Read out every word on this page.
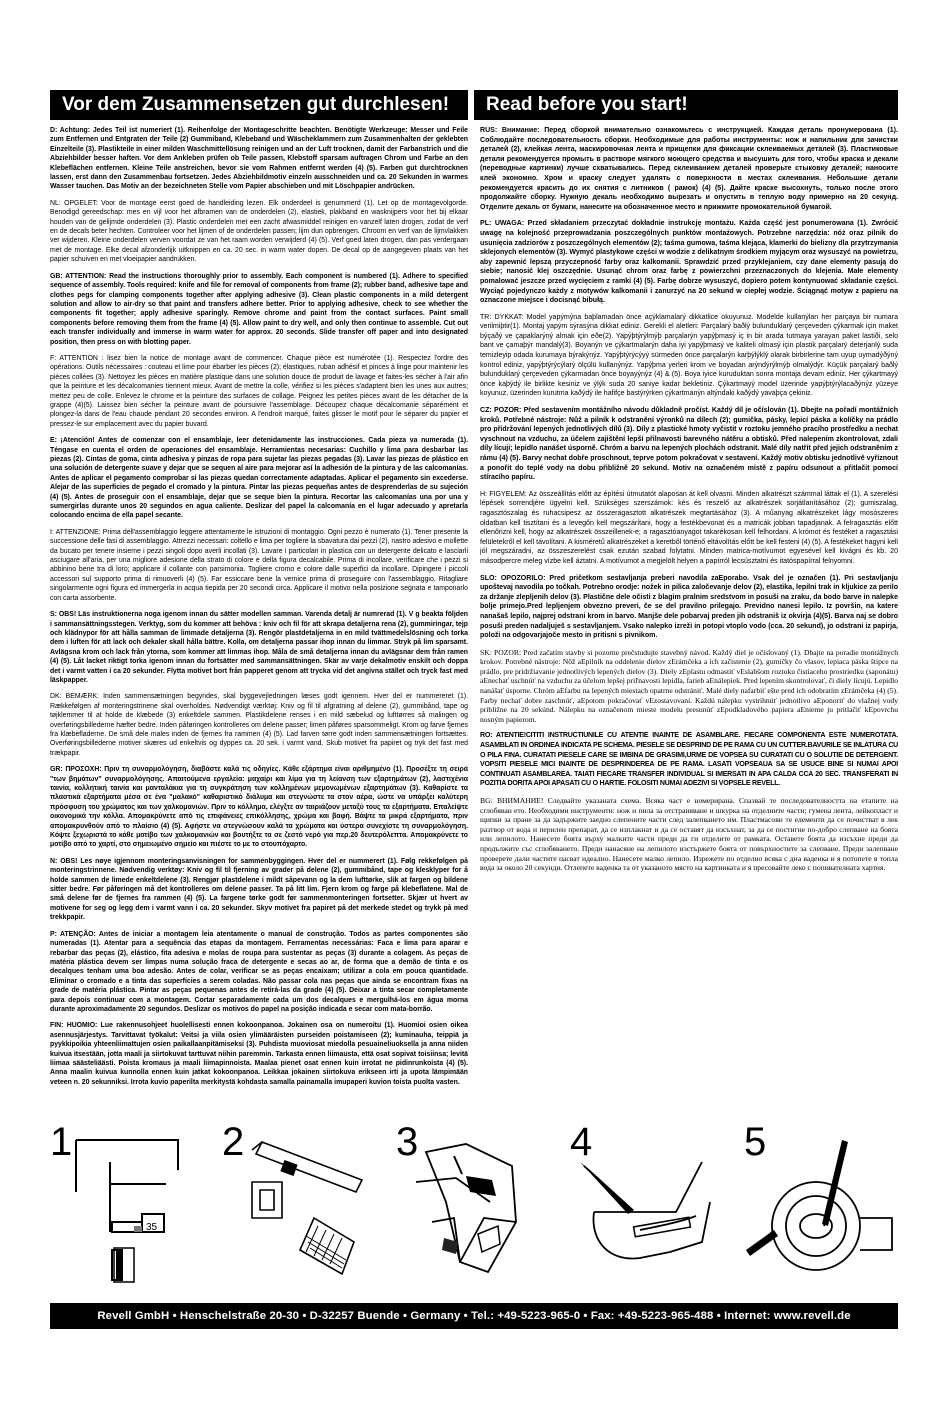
Vor dem Zusammensetzen gut durchlesen!	Read before you start!

D: Achtung: Jedes Teil ist numeriert (1). Reihenfolge der Montageschritte beachten. Benötigte Werkzeuge: Messer und Feile zum Entfernen und Entgraten der Teile (2) Gummiband, Klebeband und Wäscheklammern zum Zusammenhalten der geklebten Einzelteile (3). Plastikteile in einer milden Waschmittellösung reinigen und an der Luft trocknen, damit der Farbanstrich und die Abziehbilder besser haften. Vor dem Ankleben prüfen ob Teile passen, Klebstoff sparsam auftragen Chrom und Farbe an den Klebeflächen entfernen. Kleine Teile anstreichen, bevor sie vom Rahmen entfernt werden (4) (5). Farben gut durchtrocknen lassen, erst dann den Zusammenbau fortsetzen. Jedes Abziehbildmotiv einzeln ausschneiden und ca. 20 Sekunden in warmes Wasser tauchen. Das Motiv an der bezeichneten Stelle vom Papier abschieben und mit Löschpapier andrücken.

NL: OPGELET: Voor de montage eerst goed de handleiding lezen. Elk onderdeel is genummerd (1). Let op de montagevolgorde. Benodigd gereedschap: mes en vijl voor het afbramen van de onderdelen (2), elastiek, plakband en wasknijpers voor het bij elkaar houden van de gelijmde onderdelen (3). Plastic onderdelen met een zacht afwasmiddel reinigen en vanzelf laten drogen, zodat de verf en de decals beter hechten. Controleer voor het lijmen of de onderdelen passen; lijm dun opbrengen. Chroom en verf van de lijmvlakken ver wijderen. Kleine onderdelen verven voordat ze van het raam worden verwijderd (4) (5). Verf goed laten drogen, dan pas verdergaan met de montage. Elke decal afzonderlijk uitknippen en ca. 20 sec. in warm water dopen. De decal op de aangegeven plaats van het papier schuiven en met vloeipapier aandrukken.

GB: ATTENTION: Read the instructions thoroughly prior to assembly. Each component is numbered (1). Adhere to specified sequence of assembly. Tools required: knife and file for removal of components from frame (2); rubber band, adhesive tape and clothes pegs for clamping components together after applying adhesive (3). Clean plastic components in a mild detergent solution and allow to air-dry so that paint and transfers adhere better. Prior to applying adhesive, check to see whether the components fit together; apply adhesive sparingly. Remove chrome and paint from the contact surfaces. Paint small components before removing them from the frame (4) (5). Allow paint to dry well, and only then continue to assemble. Cut out each transfer individually and immerse in warm water for approx. 20 seconds. Slide transfer off paper and into designated position, then press on with blotting paper.

F: ATTENTION : lisez bien la notice de montage avant de commencer. Chaque pièce est numérotée (1). Respectez l'ordre des opérations. Outils nécessaires : couteau et lime pour ébarber les pièces (2); élastiques, ruban adhésif et pinces à linge pour maintenir les pièces collées (3). Nettoyez les pièces en matière plastique dans une solution douce de produit de lavage et faites-les sécher à l'air afin que la peinture et les décalcomanies tiennent mieux. Avant de mettre la colle, vérifiez si les pièces s'adaptent bien les unes aux autres; mettez peu de colle. Enlevez le chrome et la peinture des surfaces de collage. Peignez les petites pièces avant de les détacher de la grappe (4)(5). Laissez bien sécher la peinture avant de poursuivre l'assemblage. Découpez chaque décalcomanie séparément et plongez-la dans de l'eau chaude pendant 20 secondes environ. A l'endroit marqué, faites glisser le motif pour le séparer du papier et pressez-le sur emplacement avec du papier buvard.

E: ¡Atención! Antes de comenzar con el ensamblaje, leer detenidamente las instrucciones. Cada pieza va numerada (1). Téngase en cuenta el orden de operaciones del ensamblaje. Herramientas necesarias: Cuchillo y lima para desbarbar las piezas (2). Cintas de goma, cinta adhesiva y pinzas de ropa para sujetar las piezas pegadas (3). Lavar las piezas de plástico en una solución de detergente suave y dejar que se sequen al aire para mejorar así la adhesión de la pintura y de las calcomanías. Antes de aplicar el pegamento comprobar si las piezas quedan correctamente adaptadas. Aplicar el pegamento sin excederse. Alejar de las superficies de pegado el cromado y la pintura. Pintar las piezas pequeñas antes de desprenderlas de su sujeción (4) (5). Antes de proseguir con el ensamblaje, dejar que se seque bien la pintura. Recortar las calcomanías una por una y sumergirlas durante unos 20 segundos en agua caliente. Deslizar del papel la calcomanía en el lugar adecuado y apretarla colocando encima de ella papel secante.

I: ATTENZIONE: Prima dell'assemblaggio leggere attentamente le istruzioni di montaggio. Ogni pezzo è numerato (1). Tener presente la successione delle fasi di assemblaggio. Attrezzi necessari: coltello e lima per togliere la sbavatura dai pezzi (2), nastro adesivo e mollette da bucato per tenere insieme i pezzi singoli dopo averli incollati (3). Lavare i particolari in plastica con un detergente delicato e lasciarli asciugare all'aria, per una migliore adesione della strato di colore e della figura decalcabile. Prima di incollare, verificare che i pezzi si abbinino bene tra di loro; applicare il collante con parsimonia. Togliere cromo e colore dalle superfici da incollare. Dipingere i piccoli accessori sul supporto prima di rimuoverli (4) (5). Far essiccare bene la vernice prima di proseguire con l'assemblaggio. Ritagliare singolarmente ogni figura ed immergerla in acqua tiepida per 20 secondi circa. Applicare il motivo nella posizione segnata e tamponarlo con carta assorbente.

S: OBS! Läs instruktionerna noga igenom innan du sätter modellen samman. Varenda detalj är numrerad (1). V g beakta följden i sammansättningsstegen. Verktyg, som du kommer att behöva : kniv och fil för att skrapa detaljerna rena (2), gummiringar, tejp och klädnypor för att hålla samman de limmade detaljerna (3). Rengör plastdetaljerna in en mild tvättmedelslösning och torka dem i luften för att lack och dekaler skall hålla bättre. Kolla, om detaljerna passar ihop innan du limmar. Stryk på lim sparsamt. Avlägsna krom och lack från ytorna, som kommer att limmas ihop. Måla de små detaljerna innan du avlägsnar dem från ramen (4) (5). Låt lacket riktigt torka igenom innan du fortsätter med sammansättningen. Skär av varje dekalmotiv enskilt och doppa det i varmt vatten i ca 20 sekunder. Flytta motivet bort från papperet genom att trycka vid det angivna stället och tryck fast med läskpapper.

DK: BEMÆRK: Inden sammensætningen begyndes, skal byggevejledningen læses godt igennem. Hver del er nummereret (1). Rækkefølgen af monteringstrinene skal overholdes. Nødvendigt værktøj: Kniv og fil til afgratning af delene (2), gummibånd, tape og tøjklemmer til at holde de klæbede (3) enkeltdele sammen. Plastikdelene renses i en mild sæbelud og lufttørres så malingen og overføringsbillederne hæfter bedre. Inden påføringen kontrolleres om delene passer; limen påføres sparsommeligt. Krom og farve fjernes fra klæbefladerne. De små dele males inden de fjernes fra rammen (4) (5). Lad farven tørre godt inden sammensætningen fortsættes. Overføringsbillederne motiver skæres ud enkeltvis og dyppes ca. 20 sek. i varmt vand. Skub motivet fra papiret og tryk det fast med trækpapir.

GR: ΠΡΟΣΟΧΗ: Πριν τη συναρμολόγηση, διαβάστε καλά τις οδηγίες. Κάθε εξάρτημα είναι αριθμημένο (1). Προσέξτε τη σειρά "των βημάτων" συναρμολόγησης. Απαιτούμενα εργαλεία: μαχαίρι και λίμα για τη λείανση των εξαρτημάτων (2), λαστιχένια ταινία, κολλητική ταινία και μανταλάκια για τη συγκράτηση των κολλημένων μεμονωμένων εξαρτημάτων (3). Καθαρίστε τα πλαστικά εξαρτήματα μέσα σε ένα "μαλακό" καθαριστικό διάλυμα και στεγνώστε τα στον αέρα, ώστε να υπάρξει καλύτερη πρόσφυση του χρώματος και των χαλκομανιών. Πριν το κόλλημα, ελέγξτε αν ταιριάζουν μεταξύ τους τα εξαρτήματα. Επαλείψτε οικονομικά την κόλλα. Απομακρύνετε από τις επιφάνειες επικόλλησης, χρώμα και βαφή. Βάψτε τα μικρά εξαρτήματα, πριν απομακρυνθούν από το πλαίσιο (4) (5). Αφήστε να στεγνώσουν καλά τα χρώματα και ύστερα συνεχίστε τη συναρμολόγηση. Κόψτε ξεχωριστά το κάθε μοτίβο των χαλκομανιών και βουτήξτε τα σε ζεστό νερό για περ.20 δευτερόλεπτα. Απομακρύνετε το μοτίβο από το χαρτί, στο σημειωμένο σημείο και πιέστε το με το στουπόχαρτο.

N: OBS! Les nøye igjennom monteringsanvisningen for sammenbyggingen. Hver del er nummerert (1). Følg rekkefølgen på monteringstrinnene. Nødvendig verktøy: Kniv og fil til fjerning av grader på delene (2), gummibånd, tape og klesklyper for å holde sammen de limede enkeltdelene (3). Rengjør plastdelene i mildt såpevann og la dem lufttørke, slik at fargen og bildene sitter bedre. Før påføringen må det kontrolleres om delene passer. Ta på litt lim. Fjern krom og farge på klebeflatene. Mal de små delene før de fjernes fra rammen (4) (5). La fargene tørke godt før sammenmonteringen fortsetter. Skjær ut hvert av motivene for seg og legg dem i varmt vann i ca. 20 sekunder. Skyv motivet fra papiret på det merkede stedet og trykk på med trekkpapir.

P: ATENÇÃO: Antes de iniciar a montagem leia atentamente o manual de construção. Todos as partes componentes são numeradas (1). Atentar para a sequência das etapas da montagem. Ferramentas necessárias: Faca e lima para aparar e rebarbar das peças (2), elástico, fita adesiva e molas de roupa para sustentar as peças (3) durante a colagem. As peças de matéria plástica devem ser limpas numa solução fraca de detergente e secas ao ar, de forma que a demão de tinta e os decalques tenham uma boa adesão. Antes de colar, verificar se as peças encaixam; utilizar a cola em pouca quantidade. Eliminar o cromado e a tinta das superfícies a serem coladas. Não passar cola nas peças que ainda se encontram fixas na grade de matéria plástica. Pintar as peças pequenas antes de retirá-las da grade (4) (5). Deixar a tinta secar completamente para depois continuar com a montagem. Cortar separadamente cada um dos decalques e mergulhá-los em água morna durante aproximadamente 20 segundos. Deslizar os motivos do papel na posição indicada e secar com mata-borrão.

FIN: HUOMIO: Lue rakennusohjeet huolellisesti ennen kokoonpanoa. Jokainen osa on numeroitu (1). Huomioi osien oikea asennusjärjestys. Tarvittavat työkalut: Veitsi ja viila osien ylimääräisten purseiden poistamiseen (2); kuminauha, teippiä ja pyykkipoikia yhteenliimattujen osien paikallaanpitämiseksi (3). Puhdista muoviosat miedolla pesuaineliuoksella ja anna niiden kuivua itsestään, jotta maali ja siirtokuvat tarttuvat niihin paremmin. Tarkasta ennen liimausta, että osat sopivat toisiinsa; levitä liimaa säästeliäästi. Poista kromaus ja maali liimapinnoista. Maalaa pienet osat ennen kuin irrotat ne pidinrunkoista (4) (5). Anna maalin kuivua kunnolla ennen kuin jatkat kokoonpanoa. Leikkaa jokainen siirtokuva erikseen irti ja upota lämpimään veteen n. 20 sekunniksi. Irrota kuvio paperilta merkitystä kohdasta samalla painamalla imupaperi kuvion toista puolta vasten.

RUS: Внимание: Перед сборкой внимательно ознакомьтесь с инструкцией. Каждая деталь пронумерована (1). Соблюдайте последовательность сборки. Необходимые для работы инструменты: нож и напильник для зачистки деталей (2), клейкая лента, маскировочная лента и прищепки для фиксации склеиваемых деталей (3). Пластиковые детали рекомендуется промыть в растворе мягкого моющего средства и высушить для того, чтобы краска и декали (переводные картинки) лучше схватывались. Перед склеиванием деталей проверьте стыковку деталей; наносите клей экономно. Хром и краску следует удалять с поверхности в местах склеивания. Небольшие детали рекомендуется красить до их снятия с литников ( рамок) (4) (5). Дайте краске высохнуть, только после этого продолжайте сборку. Нужную декаль необходимо вырезать и опустить в теплую воду примерно на 20 секунд. Отделите декаль от бумаги, нанесите на обозначенное место и прижмите промокательной бумагой.

PL: UWAGA: Przed składaniem przeczytać dokładnie instrukcję montażu. Każda część jest ponumerowana (1). Zwrócić uwagę na kolejność przeprowadzania poszczególnych punktów montażowych. Potrzebne narzędzia: nóż oraz pilnik do usunięcia zadziorów z poszczególnych elementów (2); taśma gumowa, taśma klejąca, klamerki do bielizny dla przytrzymania sklejonych elementów (3). Wymyć plastykowe części w wodzie z delikatnym środkiem myjącym oraz wysuszyć na powietrzu, aby zapewnić lepszą przyczepność farby oraz kalkomanii. Sprawdzić przed przyklejaniem, czy dane elementy pasują do siebie; nanosić klej oszczędnie. Usunąć chrom oraz farbę z powierzchni przeznaczonych do klejenia. Małe elementy pomalować jeszcze przed wycięciem z ramki (4) (5). Farbę dobrze wysuszyć, dopiero potem kontynuować składanie części. Wyciąć pojedynczo każdy z motywów kalkomanii i zanurzyć na 20 sekund w ciepłej wodzie. Ściągnąć motyw z papieru na oznaczone miejsce i docisnąć bibułą.

TR: DYKKAT: Model yapýmýna baþlamadan önce açýklamalarý dikkatlice okuyunuz. Modelde kullanýlan her parçaya bir numara verilmiþtir(1). Montaj yapým sýrasýna dikkat ediniz. Gerekli el aletleri: Parçalarý baðlý bulunduklarý çerçeveden çýkarmak için maket býçaðý ve çapaklarýný almak için eðe(2). Yapýþtýrýlmýþ parçalarýn yapýþmasý iç in bir arada tutmaya yarayan paket lastiði, selo bant ve çamaþýr mandalý(3). Boyanýn ve çýkartmalarýn daha iyi yapýþmasý ve kaliteli olmasý için plastik parçalarý deterjanlý suda temizleyip odada kurumaya býrakýnýz. Yapýþtýrýcýyý sürmeden önce parçalarýn karþýlýklý olarak birbirlerine tam uyup uymadýðýný kontrol ediniz, yapýþtýrýcýlarý ölçülü kullanýnýz. Yapýþma yerleri krom ve boyadan arýndýrýlmýþ olmalýdýr. Küçük parçalarý baðlý bulunduklarý çerçeveden çýkarmadan önce boyayýnýz (4) & (5). Boya iyice kuruduktan sonra montaja devam ediniz. Her çýkartmayý önce kaþýdý ile birlikte kesiniz ve ýlýk suda 20 saniye kadar bekletiniz. Çýkartmayý model üzerinde yapýþtýrýlacaðýnýz yüzeye koyunuz, üzerinden kurutma kaðýdý ile hafifçe bastýrýrken çýkartmanýn altýndaki kaðýdý yavaþça çekiniz.

CZ: POZOR: Před sestavením montážního návodu důkladně pročíst. Každý díl je očíslován (1). Dbejte na pořadí montážních kroků. Potřebné nástroje: Nůž a pilník k odstranění výronků na dílech (2); gumička, pásky, lepicí páska a kolíčky na prádlo pro přidržování lepených jednotlivých dílů (3). Díly z plastické hmoty vyčistit v roztoku jemného pracího prostředku a nechat vyschnout na vzduchu, za účelem zajištění lepší přilnavosti barevného nátěru a obtisků. Před nalepením zkontrolovat, zdali díly lícují; lepidlo nanášet úsporně. Chróm a barvu na lepených plochách odstranit. Malé díly natřít před jejich odstraněním z rámu (4) (5). Barvy nechat dobře proschnout, teprve potom pokračovat v sestavení. Každý motiv obtisku jednotlivě vyříznout a ponořit do teplé vody na dobu přibližně 20 sekund. Motiv na označeném místě z papíru odsunout a přitlačit pomocí stíracího papíru.

H: FIGYELEM: Az összeállítás előtt az építési útmutatót alaposan át kell olvasni. Minden alkatrészt számmal láttak el (1). A szerelési lépések sorrendjére ügyelni kell. Szükséges szerszámok: kés és reszelő az alkatrészek sorjátlanításához (2); gumiszalag, ragasztószalag és ruhacsipesz az összeragasztott alkatrészek megtartásához (3). A műanyag alkatrészeket lágy mosószeres oldatban kell tisztítani és a levegőn kell megszárítani, hogy a festékbevonat és a matricák jobban tapadjanak. A felragasztás előtt ellenőrizni kell, hogy az alkatrészek összeillenek-e; a ragasztóanyagot takarékosan kell felhordani. A krómot és festéket a ragasztási felületekről el kell távolítani. A kisméretű alkatrészeket a keretből történő eltávolítás előtt be kell festeni (4) (5). A festékeket hagyni kell jól megszáradni, az összeszerelést csak ezután szabad folytatni. Minden matrica-motívumot egyesével kell kivágni és kb. 20 másodpercre meleg vízbe kell áztatni. A motívumot a megjelölt helyen a papírról lecsúsztatni és itatóspapírral felnyomni.

SLO: OPOZORILO: Pred pričetkom sestavljanja preberi navodila zaEporabo. Vsak del je označen (1). Pri sestavljanju upoštevaj navodila po točkah. Potrebno orodje: nožek in pilica zaločevanje delov (2), elastika, lepilni trak in kljukice za perilo za držanje zlepljenih delov (3). Plastične dele očisti z blagim pralnim sredstvom in posuši na zraku, da bodo barve in nalepke bolje primejo.Pred lepljenjem obvezno preveri, če se del pravilno prilegajo. Previdno nanesi lepilo. Iz površin, na katere nanašaš lepilo, najprej odstrani krom in barvo. Manjše dele pobarvaj preden jih odstraniš iz okvirja (4)(5). Barva naj se dobro posuši preden nadaljuješ s sestavljanjem. Vsako nalepko izreži in potopi vtoplo vodo (cca. 20 sekund), jo odstrani iz papirja, položi na odgovarjajoče mesto in pritisni s pivnikom.

SK: POZOR: Pred začatím stavby si pozorne prečstudujte stavebný návod. Každý diel je očíslovaný (1). Dbajte na poradie montážnych krokov. Potrebné nástroje: Nôž aEpilník na oddelenie dielov zErámčeka a ich začistenie (2), gumičky čo vlasov, lepiaca páska štipce na prádlo, pre pridržiavanie jednotlivých lepených dielov (3). Diely zEplastu odmastiť vEslabšom roztoku čistiaceho prostriedku (saponátu) aEnechať uschnúť na vzduchu za účelom lepšej priľnavosti lepidla, farieb aEnálepiek. Pred lepením skontrolovať, či diely lícujú. Lepidlo nanášať úsporne. Chróm aEfarbu na lepených miestach opatrne odstrániť. Malé diely nafarbiť ešte pred ich odobratím zErámčeka (4) (5). Farby nechať dobre zaschnúť, aEpotom pokračovať vEzostavovaní. Každú nálepku vystrihnúť jednotlivo aEponoriť do vlažnej vody približne na 20 sekúnd. Nálepku na označenom mieste modelu presunúť zEpodkladového papiera aEnieme ju pritlačiť kEpovrchu nosným papierom.

RO: ATENTIE!CITITI INSTRUCTIUNILE CU ATENTIE INAINTE DE ASAMBLARE. FIECARE COMPONENTA ESTE NUMEROTATA. ASAMBLATI IN ORDINEA INDICATA PE SCHEMA. PIESELE SE DESPRIND DE PE RAMA CU UN CUTTER.BAVURILE SE INLATURA CU O PILA FINA. CURATATI PIESELE CARE SE IMBINA DE GRASIMI,URME DE VOPSEA SU CURATATI CU O SOLUTIE DE DETERGENT. VOPSITI PIESELE MICI INAINTE DE DESPRINDEREA DE PE RAMA. LASATI VOPSEAUA SA SE USUCE BINE SI NUMAI APOI CONTINUATI ASAMBLAREA. TAIATI FIECARE TRANSFER INDIVIDUAL SI IMERSATI IN APA CALDA CCA 20 SEC. TRANSFERATI IN POZITIA DORITA APOI APASATI CU O HARTIE. FOLOSITI NUMAI ADEZIVI SI VOPSELE REVELL.

BG: ВНИМАНИЕ! Следвайте указаната схема. Всяка част е номерирана. Спазвай те последователността на етапите на сглобяван ето. Необходими инструменти: нож и пила за отстраняване и шкурка на отделните части; гумена лента, лейкопласт и щипки за пране за да задържите заедно слепените части след залепването им. Пластмасови те елементи да се почистват в лек разтвор от вода и перилен препарат, да се изплакнат и да се оставят да изсъхнат, за да се постигне по-добро слепване на боята или лепилото. Нанесете боята върху малките части преди да ги отделите от рамката. Оставете боята да изсъхне преди да продължите със сглобяването. Преди нанасяне на лепилото изстържете боята от повърхностите за слепване. Преди залепване проверете дали частите пасват идеално. Нанесете малко лепило. Изрежете по отделно всяка с дна ваденка и я потопете в топла вода за около 20 секунди. Отлепете ваденка та от указаното място на картинката и я пресовайте леко с попивателната хартия.

1
35
2	3	4	5
Revell GmbH • Henschelstraße 20-30 • D-32257 Buende • Germany • Tel.: +49-5223-965-0 • Fax: +49-5223-965-488 • Internet: www.revell.de
